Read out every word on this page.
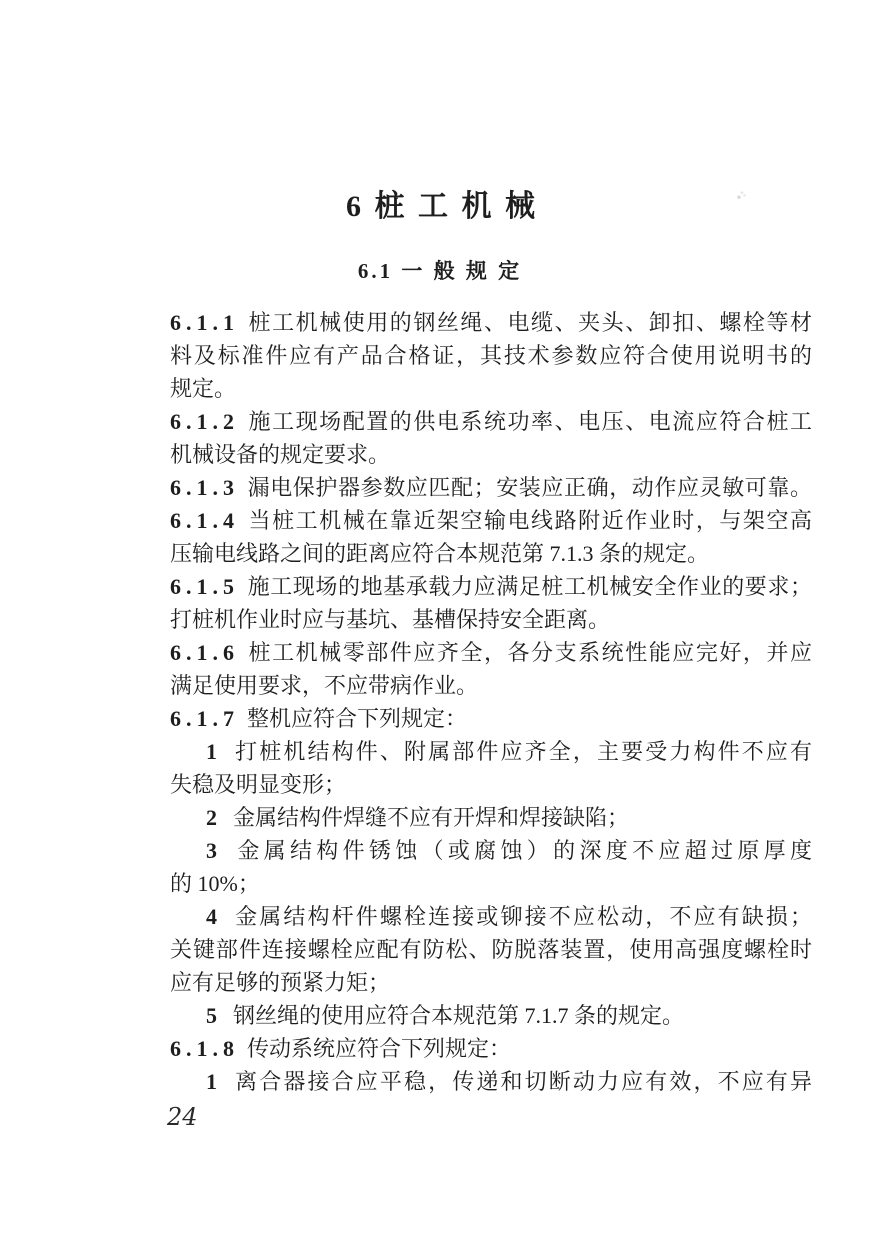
6 桩 工 机 械
6.1 一 般 规 定
6.1.1 桩工机械使用的钢丝绳、电缆、夹头、卸扣、螺栓等材
料及标准件应有产品合格证，其技术参数应符合使用说明书的
规定。
6.1.2 施工现场配置的供电系统功率、电压、电流应符合桩工
机械设备的规定要求。
6.1.3 漏电保护器参数应匹配；安装应正确，动作应灵敏可靠。
6.1.4 当桩工机械在靠近架空输电线路附近作业时，与架空高
压输电线路之间的距离应符合本规范第 7.1.3 条的规定。
6.1.5 施工现场的地基承载力应满足桩工机械安全作业的要求；
打桩机作业时应与基坑、基槽保持安全距离。
6.1.6 桩工机械零部件应齐全，各分支系统性能应完好，并应
满足使用要求，不应带病作业。
6.1.7 整机应符合下列规定：
1 打桩机结构件、附属部件应齐全，主要受力构件不应有
失稳及明显变形；
2 金属结构件焊缝不应有开焊和焊接缺陷；
3 金属结构件锈蚀（或腐蚀）的深度不应超过原厚度
的 10%；
4 金属结构杆件螺栓连接或铆接不应松动，不应有缺损；
关键部件连接螺栓应配有防松、防脱落装置，使用高强度螺栓时
应有足够的预紧力矩；
5 钢丝绳的使用应符合本规范第 7.1.7 条的规定。
6.1.8 传动系统应符合下列规定：
1 离合器接合应平稳，传递和切断动力应有效，不应有异
24
